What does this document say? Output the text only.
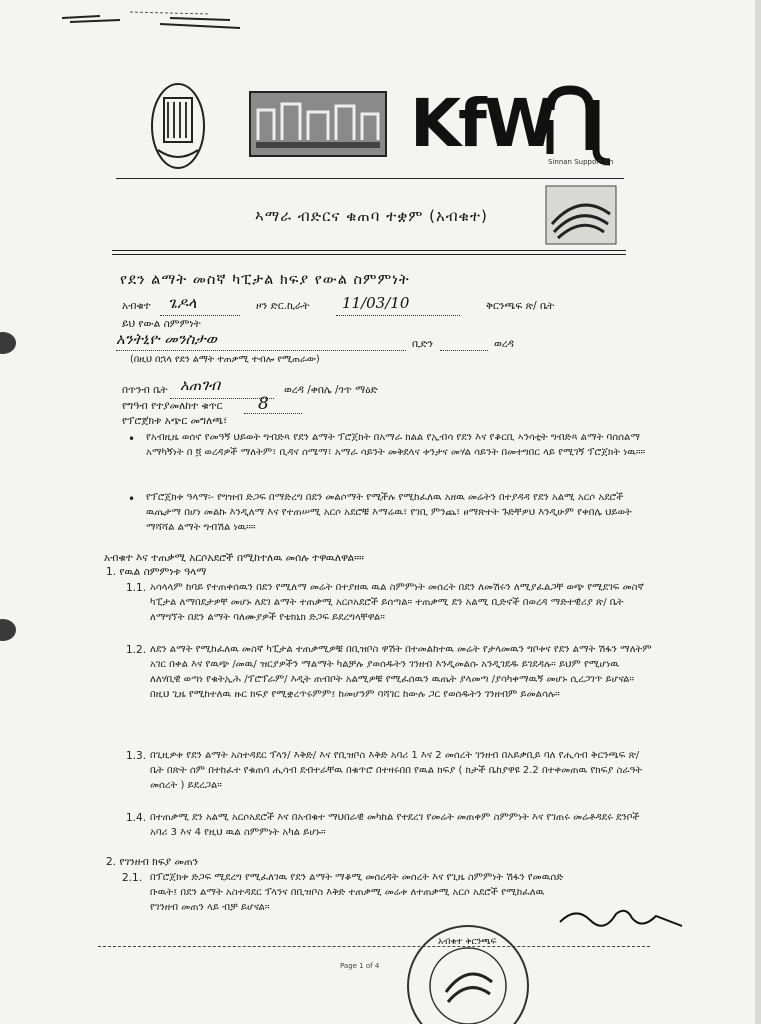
KfW
Sinnan Support Jrn
ኣማራ ብድርና ቁጠባ ተቋም (አብቁተ)
የደን ልማት መስኛ ካፒታል ክፍያ የውል ስምምነት
አብቁተ ጌዶላ	ዞን ድር.ኪራት 11/03/10	ቅርንጫፍ ጽ/ ቤት
ይህ የውል ስምምነት
አንትኒዮ መንስታወ	ቢድን	ወረዳ
(በዚህ በኋላ የደን ልማት ተጠቃሚ ተብሎ የሚጠራው)
በጥንብ ቤት አጠገብ	ወረዳ /ቀበሌ /ጎጥ ማዕድ
የግዓብ የተያመለከተ ቁጥር 8
የፕሮጀክቱ አጭር መግለጫ፣
• የአብዚዜ ወሰኖ የመዓኝ ህይወት ግብድጻ የደን ልማት ፕሮጀክት በአማራ ክልል የኢብሳ የደን እና የቆርቢ ኣንሳቲት ግብድጻ ልማት ባሰሰልማ አማካኝነት በ ፬ ወረዳዎች ማለትም፣ ቢዳና ሰሜማ፣ አማራ ሳይንት መቅደላና ቱንታና መሃል ሳይንት በመተግበር ላይ የሚገኝ ፕሮጀክት ነዉ።።
• የፕሮጀክቱ ዓላማ፡- የግዝብ ድጋፍ በማድረግ በደን መልሶማት የሚችሉ የሚከፈለዉ አዘዉ መሬትን በተያዳዳ የደን አልሚ አርሶ አደሮች ዉጤታማ በሆነ መልኩ እንዲለማ እና የተጠሠሚ አርሶ አደሮቹ እማሬዉ፣ የገቢ ምንጨ፣ ፀማጽተት ጉድቸዎህ እንዲሁም የቀበሌ ህይወት ማሻሻል ልማት ግብሽል ነዉ።።
አብቁተ እና ተጠቃሚ አርሶአደሮች በሚከተለዉ መሰሉ ተዋዉለዋል።።
1. የዉል ስምምነቱ ዓላማ
1.1. አሳላላም ከባይ የተጠቀሰዉን በደን የሚለማ መሬት በተያዘዉ ዉል ስምምነት መሰረት በደን ለመሽሩን ለሚያፈልጋቸ ወጭ የሚደገፍ መስኛ ካፒታል ለማበደታዎቸ መሆኑ ለደገ ልማት ተጠቃሚ አርሶአደሮች ይሰጣል። ተጠቃሚ ደን አልሚ ቢድኖች በወረዳ ማድተዊሪያ ጽ/ ቤት ለማግኘት በደን ልማት ባለሙያዎች የቴክኒክ ድጋፍ ይደረግላቸዋል።
1.2. ለደን ልማት የሚከፈለዉ መስኛ ካፒታል ተጠቃሚዎቹ በቢዝቦስ ዋሽት በተመልከተዉ መሬት የታላመዉን ግቦቱና የደን ልማት ሽፋን ማለትም አገር በቀል እና የዉጭ /መዉ/ ዝርያዎችን ማልማት ካልቻሉ ያወሰዱትን ገንዘብ እንዲመልሱ አንዲገደዱ ይገደዳሉ። ይህም የሚሆነዉ ለለሃቢዊ ወጣነ የቁትኢሕ /ፕሮፕራም/ እዲት ጠብቦት አልሚዎቹ የሚፈሰዉን ዉጤት ያላመጣ /ያሳካቀማዉኝ መሆኑ ሲረጋገጥ ይሆናል። በዚህ ጊዜ የሚከተለዉ ዙር ክፍያ የሚቋረጥሩምም፤ ከመሆንም ባሻገር ከውሉ ጋር የወሰዱትን ገንዘብም ይመልሳሉ።
1.3. በጊዚዎቱ የደን ልማት አስተዳደር ፕላን/ እቅድ/ እና የቢዝቦስ እቅድ አባሪ 1 እና 2 መሰረት ገንዘብ በአይቃቢይ ባለ የሒሳብ ቅርንጫፍ ጽ/ቤት በጽት ሰም በተከፈተ የቁጠባ ሒሳብ ደብተራቸዉ በቁጥሮ በተዛሩበበ የዉል ክፍያ ( ክታች ቤከያዋዩ 2.2 በተቀመጠዉ የክፍያ ስራዓት መሰረት ) ይደረጋል።
1.4. በተጠቃሚ ደን አልሚ አርሶአደሮች እና በአብቁተ ማህበራዊ መካከል የተደረገ የመሬት መጠቀም ስምምነት እና የገጠሩ መሬቶዳደሩ ደንቦች አባሪ 3 እና 4 የዚህ ዉል ስምምነት አካል ይሆኑ።
2. የገንዘብ ክፍያ መጠን
2.1. በፕሮጀክቱ ድጋፍ ሚደረግ የሚፈለገዉ የደን ልማት ማቆሚ መሰረዳት መሰረት እና የጊዜ ስምምነት ሽፋን የመዉሰድ ቡዉት፤ በደን ልማት አስተዳደር ፕላንና በቢዝቦስ እቅድ ተጠቃሚ መሬቱ ለተጠቃሚ አርሶ አደሮች የሚከፈለዉ የገንዘብ መጠን ላይ ብቻ ይሆናል።
Page 1 of 4
አብቁተ ቅርንጫፍ
